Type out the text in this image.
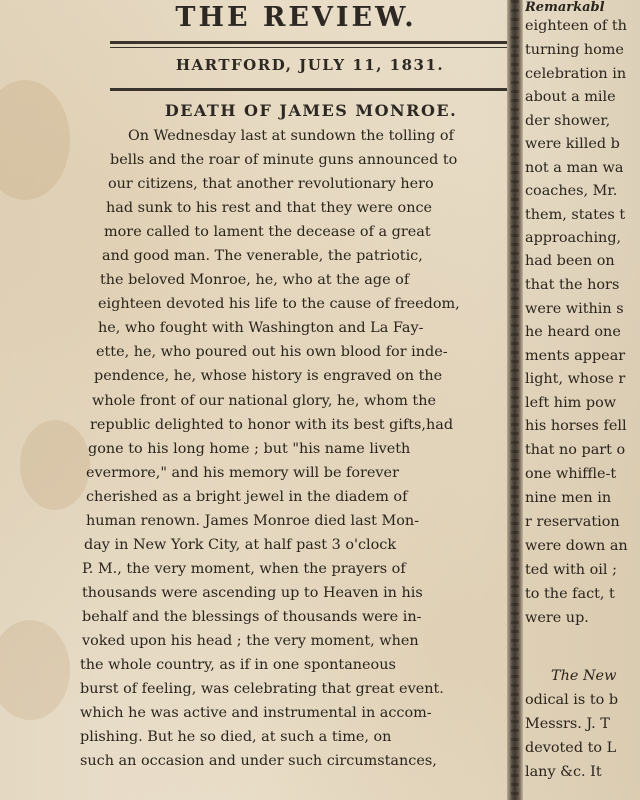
THE REVIEW.
HARTFORD, JULY 11, 1831.
DEATH OF JAMES MONROE.
On Wednesday last at sundown the tolling of
bells and the roar of minute guns announced to
our citizens, that another revolutionary hero
had sunk to his rest and that they were once
more called to lament the decease of a great
and good man. The venerable, the patriotic,
the beloved Monroe, he, who at the age of
eighteen devoted his life to the cause of freedom,
he, who fought with Washington and La Fay-
ette, he, who poured out his own blood for inde-
pendence, he, whose history is engraved on the
whole front of our national glory, he, whom the
republic delighted to honor with its best gifts,had
gone to his long home ; but "his name liveth
evermore," and his memory will be forever
cherished as a bright jewel in the diadem of
human renown. James Monroe died last Mon-
day in New York City, at half past 3 o'clock
P. M., the very moment, when the prayers of
thousands were ascending up to Heaven in his
behalf and the blessings of thousands were in-
voked upon his head ; the very moment, when
the whole country, as if in one spontaneous
burst of feeling, was celebrating that great event.
which he was active and instrumental in accom-
plishing. But he so died, at such a time, on
such an occasion and under such circumstances,
Remarkabl
eighteen of th
turning home
celebration in
about a mile
der shower,
were killed b
not a man wa
coaches, Mr.
them, states t
approaching,
had been on
that the hors
were within s
he heard one
ments appear
light, whose r
left him pow
his horses fell
that no part o
one whiffle-t
nine men in
r reservation
were down an
ted with oil ;
to the fact, t
were up.
The New
odical is to b
Messrs. J. T
devoted to L
lany &c. It
